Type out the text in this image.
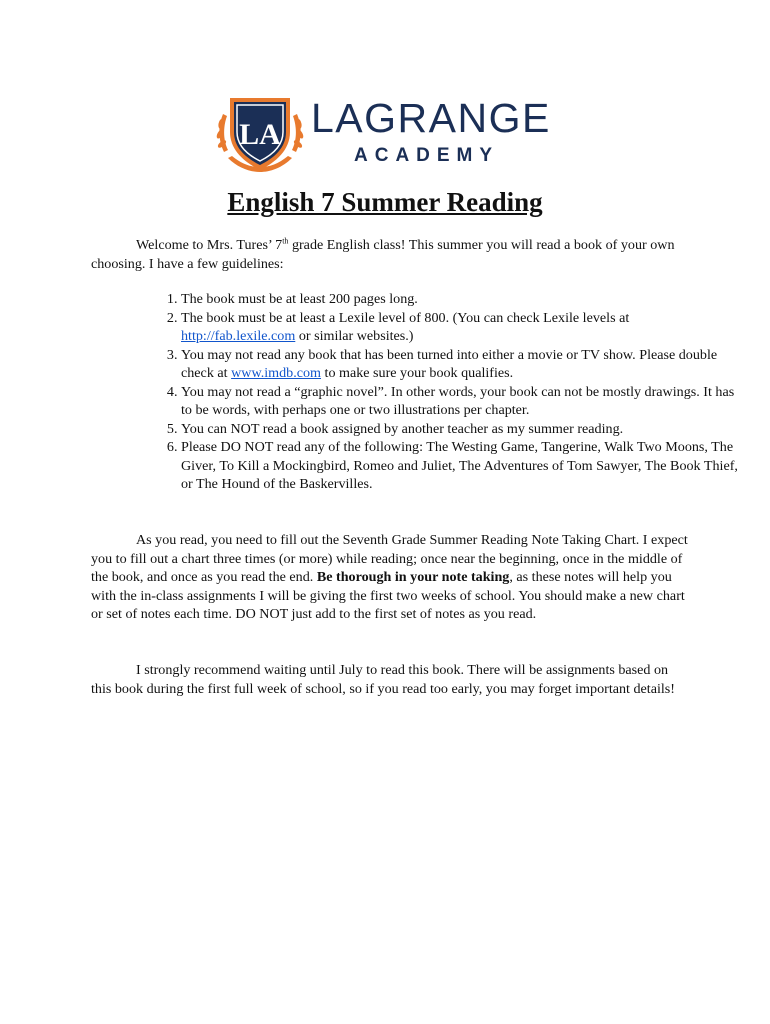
LA LAGRANGE
ACADEMY
English 7 Summer Reading

Welcome to Mrs. Tures’ 7th grade English class! This summer you will read a book of your own choosing. I have a few guidelines:

1. The book must be at least 200 pages long.
2. The book must be at least a Lexile level of 800. (You can check Lexile levels at http://fab.lexile.com or similar websites.)
3. You may not read any book that has been turned into either a movie or TV show. Please double check at www.imdb.com to make sure your book qualifies.
4. You may not read a “graphic novel”. In other words, your book can not be mostly drawings. It has to be words, with perhaps one or two illustrations per chapter.
5. You can NOT read a book assigned by another teacher as my summer reading.
6. Please DO NOT read any of the following: The Westing Game, Tangerine, Walk Two Moons, The Giver, To Kill a Mockingbird, Romeo and Juliet, The Adventures of Tom Sawyer, The Book Thief, or The Hound of the Baskervilles.

As you read, you need to fill out the Seventh Grade Summer Reading Note Taking Chart. I expect you to fill out a chart three times (or more) while reading; once near the beginning, once in the middle of the book, and once as you read the end. Be thorough in your note taking, as these notes will help you with the in-class assignments I will be giving the first two weeks of school. You should make a new chart or set of notes each time. DO NOT just add to the first set of notes as you read.

I strongly recommend waiting until July to read this book. There will be assignments based on this book during the first full week of school, so if you read too early, you may forget important details!
